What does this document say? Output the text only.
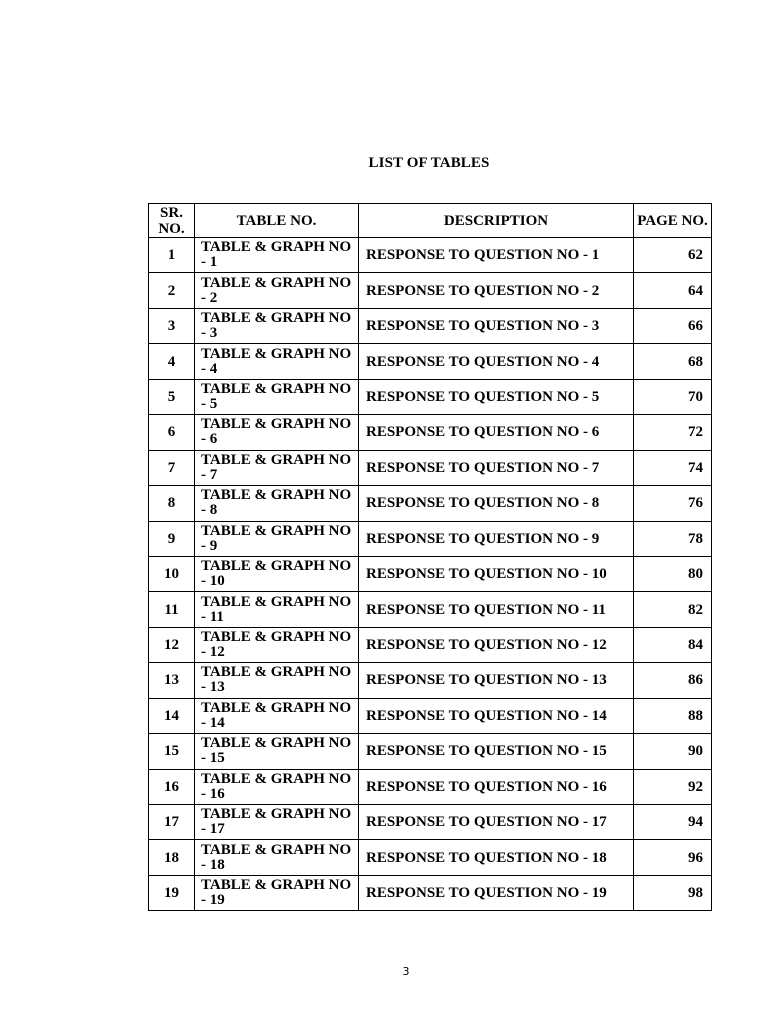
LIST OF TABLES
SR. NO.	TABLE NO.	DESCRIPTION	PAGE NO.
1	TABLE & GRAPH NO - 1	RESPONSE TO QUESTION NO - 1	62
2	TABLE & GRAPH NO - 2	RESPONSE TO QUESTION NO - 2	64
3	TABLE & GRAPH NO - 3	RESPONSE TO QUESTION NO - 3	66
4	TABLE & GRAPH NO - 4	RESPONSE TO QUESTION NO - 4	68
5	TABLE & GRAPH NO - 5	RESPONSE TO QUESTION NO - 5	70
6	TABLE & GRAPH NO - 6	RESPONSE TO QUESTION NO - 6	72
7	TABLE & GRAPH NO - 7	RESPONSE TO QUESTION NO - 7	74
8	TABLE & GRAPH NO - 8	RESPONSE TO QUESTION NO - 8	76
9	TABLE & GRAPH NO - 9	RESPONSE TO QUESTION NO - 9	78
10	TABLE & GRAPH NO - 10	RESPONSE TO QUESTION NO - 10	80
11	TABLE & GRAPH NO - 11	RESPONSE TO QUESTION NO - 11	82
12	TABLE & GRAPH NO - 12	RESPONSE TO QUESTION NO - 12	84
13	TABLE & GRAPH NO - 13	RESPONSE TO QUESTION NO - 13	86
14	TABLE & GRAPH NO - 14	RESPONSE TO QUESTION NO - 14	88
15	TABLE & GRAPH NO - 15	RESPONSE TO QUESTION NO - 15	90
16	TABLE & GRAPH NO - 16	RESPONSE TO QUESTION NO - 16	92
17	TABLE & GRAPH NO - 17	RESPONSE TO QUESTION NO - 17	94
18	TABLE & GRAPH NO - 18	RESPONSE TO QUESTION NO - 18	96
19	TABLE & GRAPH NO - 19	RESPONSE TO QUESTION NO - 19	98
3
